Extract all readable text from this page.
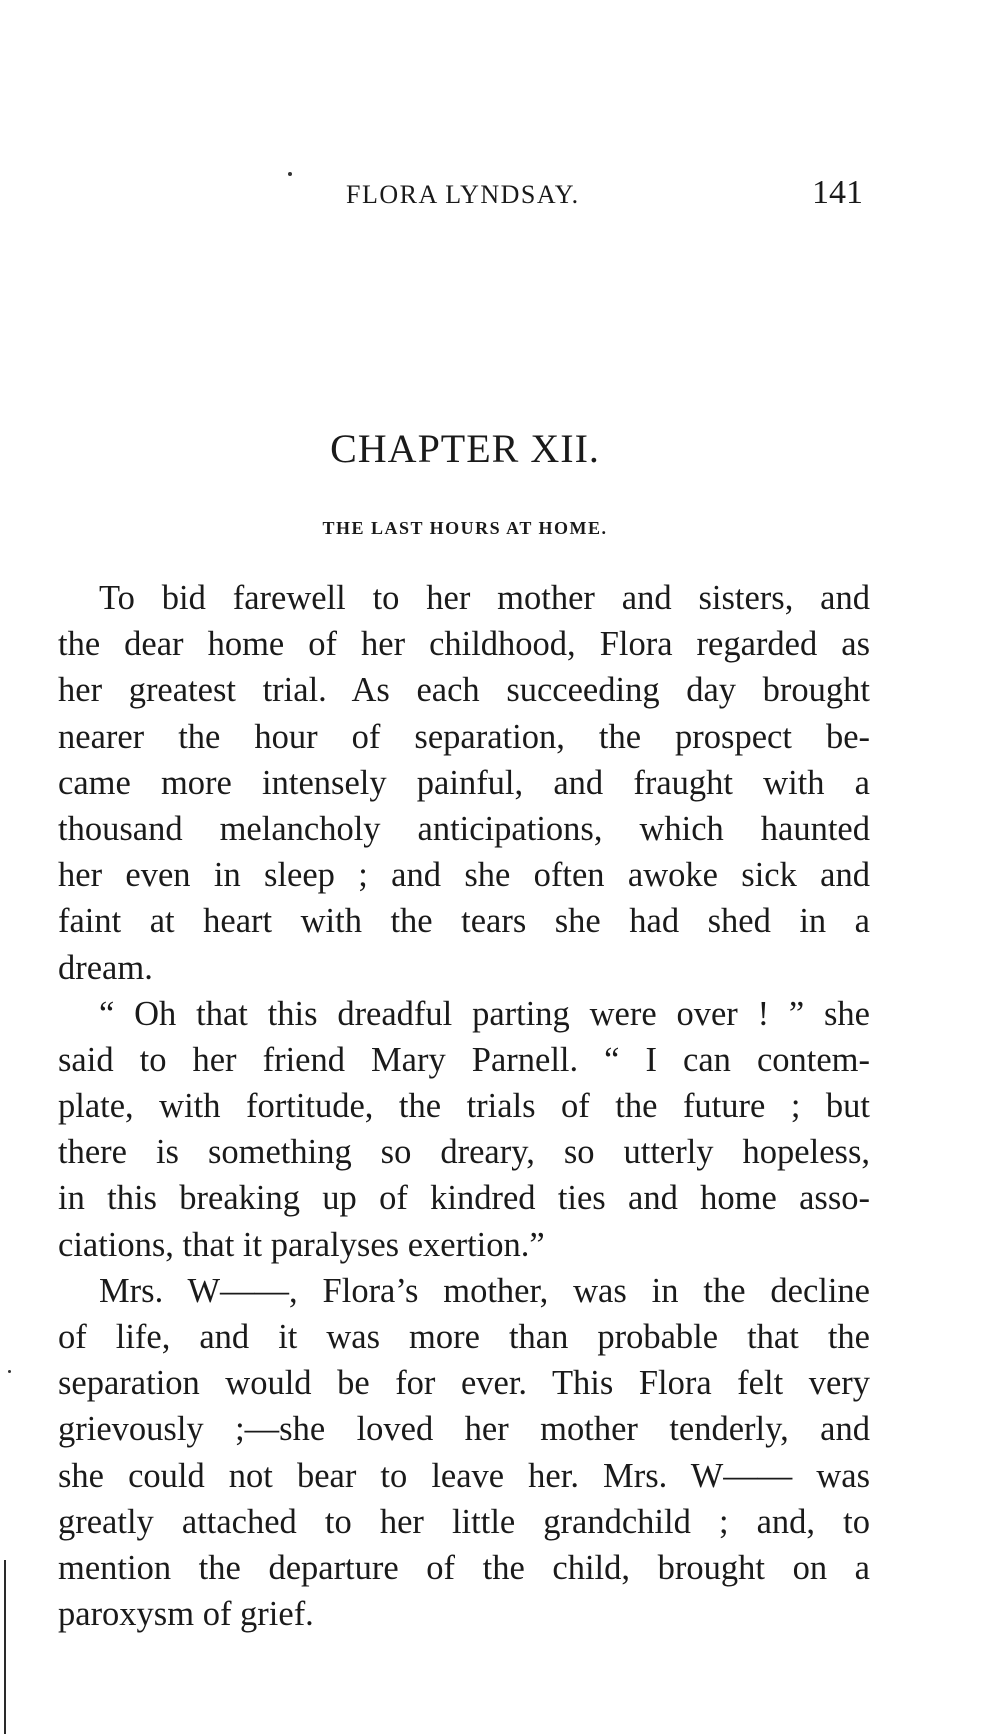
FLORA LYNDSAY.	141
CHAPTER XII.
THE LAST HOURS AT HOME.
To bid farewell to her mother and sisters, and
the dear home of her childhood, Flora regarded as
her greatest trial. As each succeeding day brought
nearer the hour of separation, the prospect be-
came more intensely painful, and fraught with a
thousand melancholy anticipations, which haunted
her even in sleep ; and she often awoke sick and
faint at heart with the tears she had shed in a
dream.
“ Oh that this dreadful parting were over ! ” she
said to her friend Mary Parnell. “ I can contem-
plate, with fortitude, the trials of the future ; but
there is something so dreary, so utterly hopeless,
in this breaking up of kindred ties and home asso-
ciations, that it paralyses exertion.”
Mrs. W——, Flora’s mother, was in the decline
of life, and it was more than probable that the
separation would be for ever. This Flora felt very
grievously ;—she loved her mother tenderly, and
she could not bear to leave her. Mrs. W—— was
greatly attached to her little grandchild ; and, to
mention the departure of the child, brought on a
paroxysm of grief.
